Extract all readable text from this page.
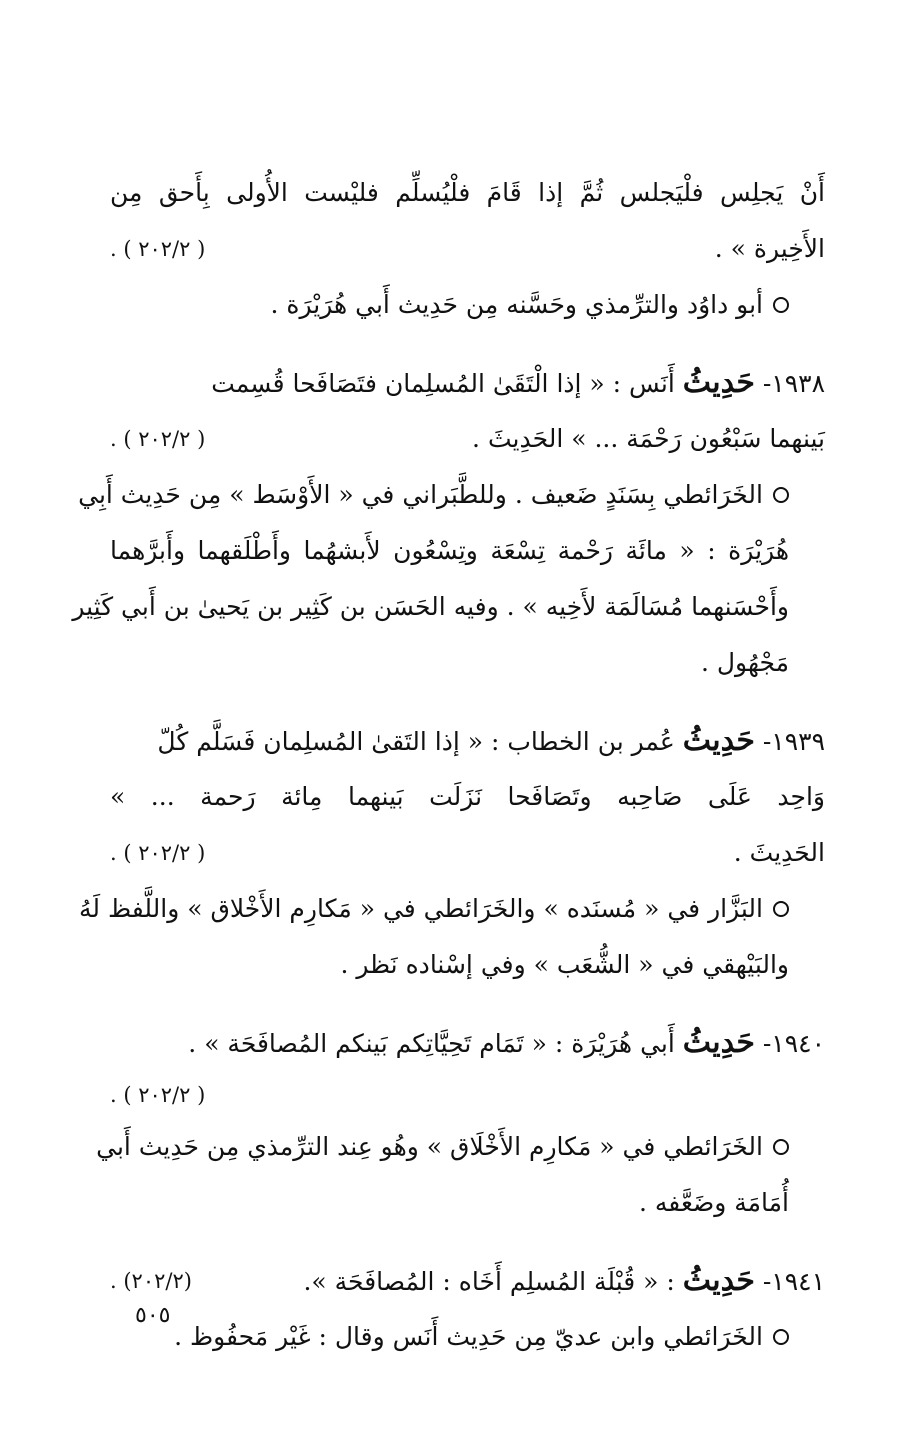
أَنْ يَجلِس فلْيَجلس ثُمَّ إذا قَامَ فلْيُسلِّم فليْست الأُولى بِأَحق مِن
الأَخِيرة » .
( ٢٠٢/٢ ) .
أبو داوُد والترِّمذي وحَسَّنه مِن حَدِيث أَبي هُرَيْرَة .
١٩٣٨- حَدِيثُ أَنَس : « إذا الْتَقَىٰ المُسلِمان فتَصَافَحا قُسِمت
بَينهما سَبْعُون رَحْمَة ... » الحَدِيثَ .
( ٢٠٢/٢ ) .
الخَرَائطي بِسَنَدٍ ضَعيف . وللطَّبَراني في « الأَوْسَط » مِن حَدِيث أَبِي
هُرَيْرَة : « مائَة رَحْمة تِسْعَة وتِسْعُون لأَبشهُما وأَطْلَقهما وأَبرَّهما
وأَحْسَنهما مُسَالَمَة لأَخِيه » . وفيه الحَسَن بن كَثِير بن يَحيىٰ بن أَبي كَثِير
مَجْهُول .
١٩٣٩- حَدِيثُ عُمر بن الخطاب : « إذا التَقىٰ المُسلِمان فَسَلَّم كُلّ
وَاحِد عَلَى صَاحِبه وتَصَافَحا نَزَلَت بَينهما مِائة رَحمة ... »
الحَدِيثَ .
( ٢٠٢/٢ ) .
البَزَّار في « مُسنَده » والخَرَائطي في « مَكارِم الأَخْلاق » واللَّفظ لَهُ
والبَيْهقي في « الشُّعَب » وفي إسْناده نَظر .
١٩٤٠- حَدِيثُ أَبي هُرَيْرَة : « تَمَام تَحِيَّاتِكم بَينكم المُصافَحَة » .
( ٢٠٢/٢ ) .
الخَرَائطي في « مَكارِم الأَخْلَاق » وهُو عِند الترِّمذي مِن حَدِيث أَبي
أُمَامَة وضَعَّفه .
١٩٤١- حَدِيثُ : « قُبْلَة المُسلِم أَخَاه : المُصافَحَة ».
(٢٠٢/٢) .
الخَرَائطي وابن عديّ مِن حَدِيث أَنَس وقال : غَيْر مَحفُوظ .
٥٠٥
